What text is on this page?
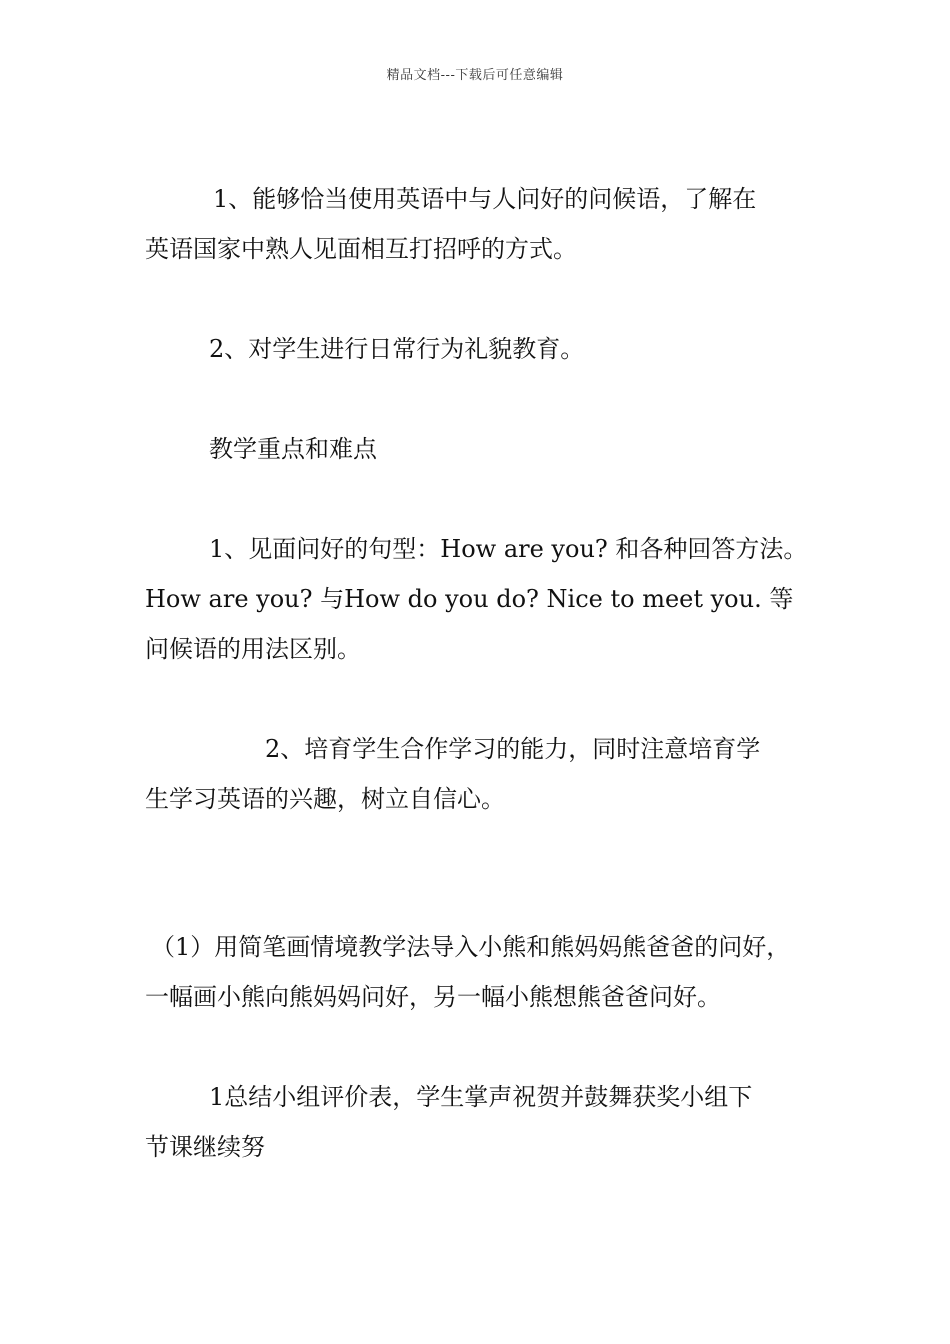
精品文档---下载后可任意编辑
1、能够恰当使用英语中与人问好的问候语，了解在
英语国家中熟人见面相互打招呼的方式。
2、对学生进行日常行为礼貌教育。
教学重点和难点
1、见面问好的句型：How are you? 和各种回答方法。
How are you? 与How do you do? Nice to meet you. 等
问候语的用法区别。
2、培育学生合作学习的能力，同时注意培育学
生学习英语的兴趣，树立自信心。
（1）用简笔画情境教学法导入小熊和熊妈妈熊爸爸的问好，
一幅画小熊向熊妈妈问好，另一幅小熊想熊爸爸问好。
1总结小组评价表，学生掌声祝贺并鼓舞获奖小组下
节课继续努
